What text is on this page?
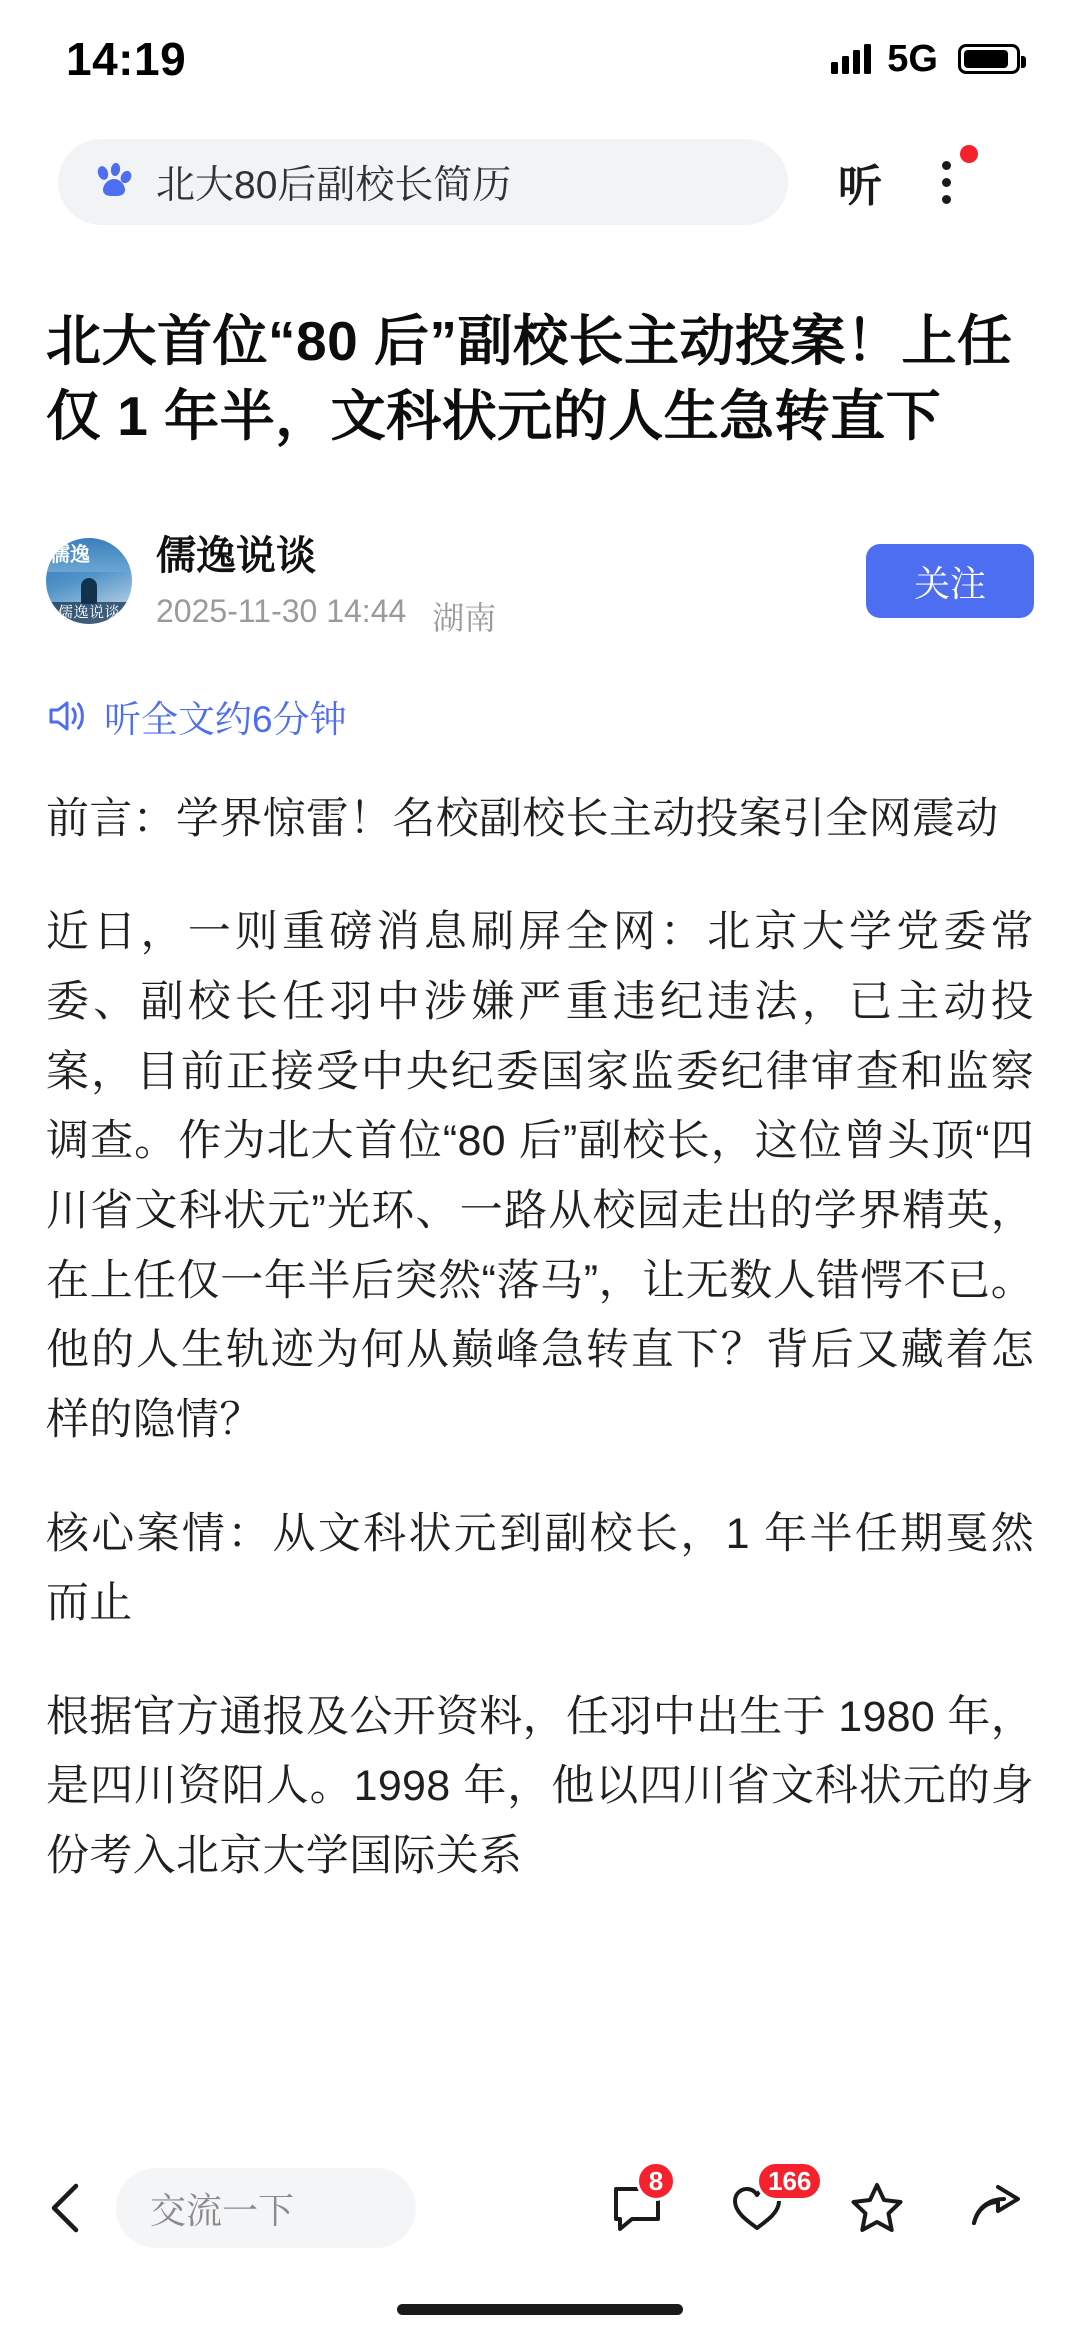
14:19	5G
北大80后副校长简历	听
北大首位“80 后”副校长主动投案！上任仅 1 年半，文科状元的人生急转直下
儒逸
儒逸说谈
儒逸说谈
2025-11-30 14:44 湖南
关注
听全文约6分钟
前言：学界惊雷！名校副校长主动投案引全网震动
近日，一则重磅消息刷屏全网：北京大学党委常委、副校长任羽中涉嫌严重违纪违法，已主动投案，目前正接受中央纪委国家监委纪律审查和监察调查。作为北大首位“80 后”副校长，这位曾头顶“四川省文科状元”光环、一路从校园走出的学界精英，在上任仅一年半后突然“落马”，让无数人错愕不已。他的人生轨迹为何从巅峰急转直下？背后又藏着怎样的隐情？
核心案情：从文科状元到副校长，1 年半任期戛然而止
根据官方通报及公开资料，任羽中出生于 1980 年，是四川资阳人。1998 年，他以四川省文科状元的身份考入北京大学国际关系
交流一下
8	166
